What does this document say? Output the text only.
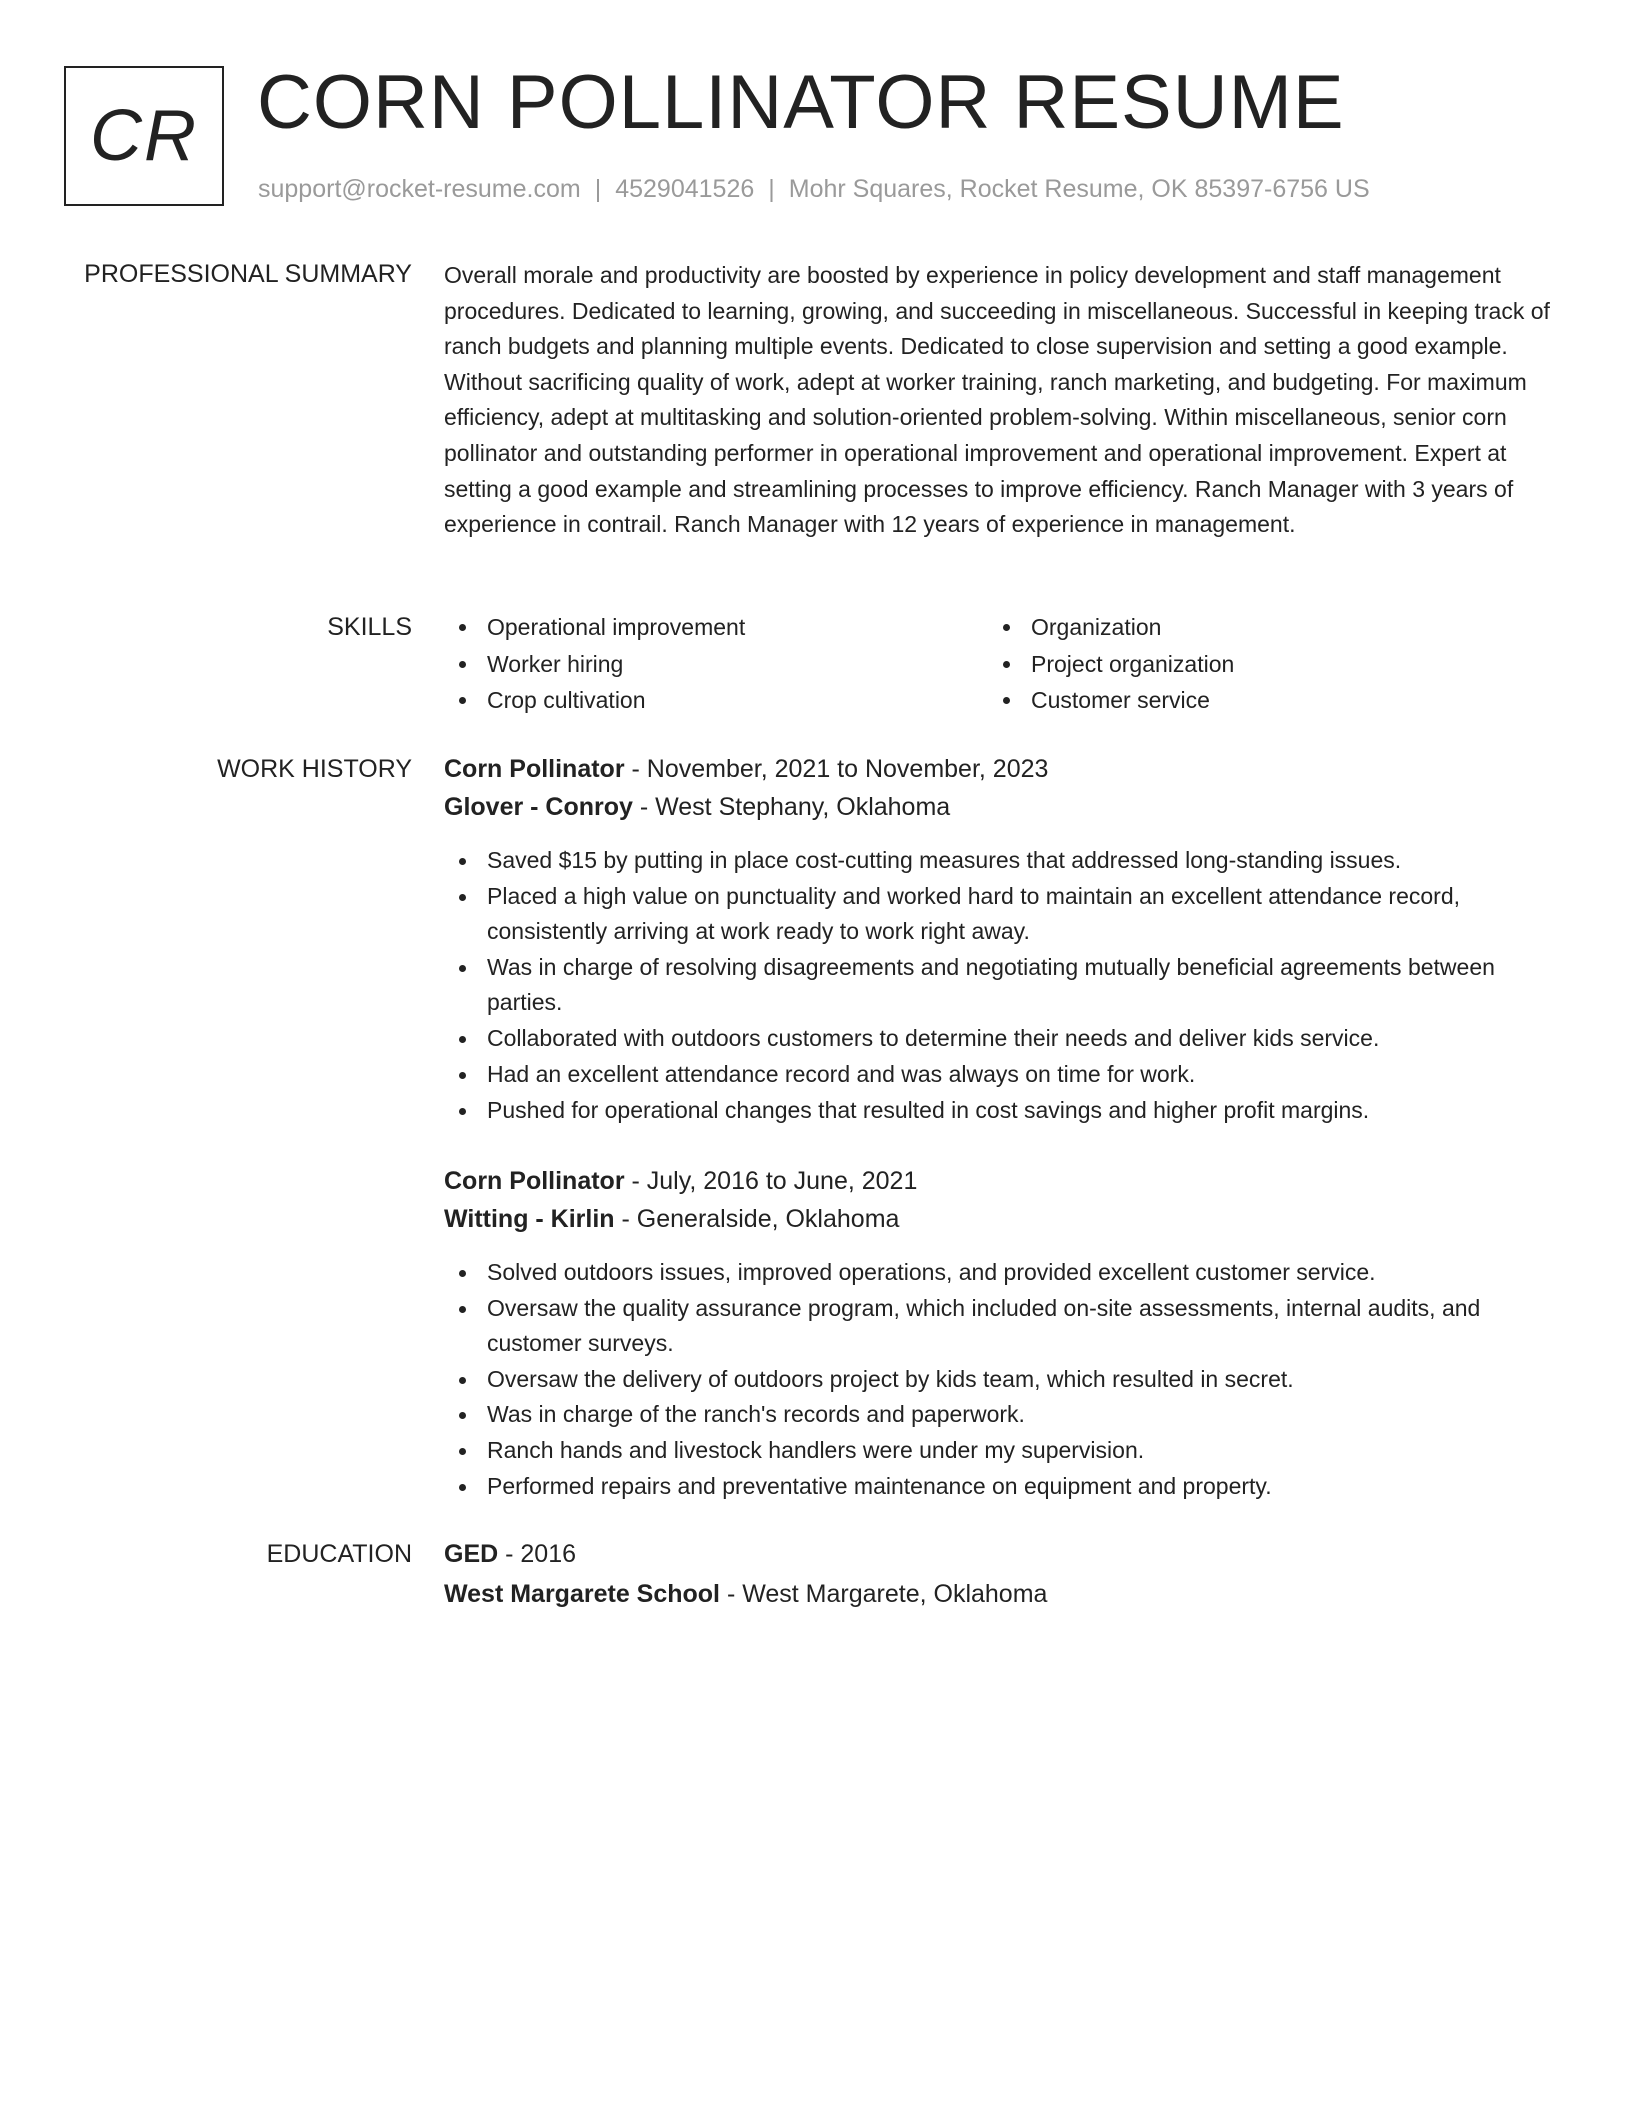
CR CORN POLLINATOR RESUME
support@rocket-resume.com | 4529041526 | Mohr Squares, Rocket Resume, OK 85397-6756 US
PROFESSIONAL SUMMARY Overall morale and productivity are boosted by experience in policy development and staff management procedures. Dedicated to learning, growing, and succeeding in miscellaneous. Successful in keeping track of ranch budgets and planning multiple events. Dedicated to close supervision and setting a good example. Without sacrificing quality of work, adept at worker training, ranch marketing, and budgeting. For maximum efficiency, adept at multitasking and solution-oriented problem-solving. Within miscellaneous, senior corn pollinator and outstanding performer in operational improvement and operational improvement. Expert at setting a good example and streamlining processes to improve efficiency. Ranch Manager with 3 years of experience in contrail. Ranch Manager with 12 years of experience in management.
SKILLS	Operational improvement
Worker hiring
Crop cultivation
Organization
Project organization
Customer service
WORK HISTORY Corn Pollinator - November, 2021 to November, 2023
Glover - Conroy - West Stephany, Oklahoma
Saved $15 by putting in place cost-cutting measures that addressed long-standing issues.
Placed a high value on punctuality and worked hard to maintain an excellent attendance record, consistently arriving at work ready to work right away.
Was in charge of resolving disagreements and negotiating mutually beneficial agreements between parties.
Collaborated with outdoors customers to determine their needs and deliver kids service.
Had an excellent attendance record and was always on time for work.
Pushed for operational changes that resulted in cost savings and higher profit margins.
Corn Pollinator - July, 2016 to June, 2021
Witting - Kirlin - Generalside, Oklahoma
Solved outdoors issues, improved operations, and provided excellent customer service.
Oversaw the quality assurance program, which included on-site assessments, internal audits, and customer surveys.
Oversaw the delivery of outdoors project by kids team, which resulted in secret.
Was in charge of the ranch's records and paperwork.
Ranch hands and livestock handlers were under my supervision.
Performed repairs and preventative maintenance on equipment and property.
EDUCATION GED - 2016
West Margarete School - West Margarete, Oklahoma
